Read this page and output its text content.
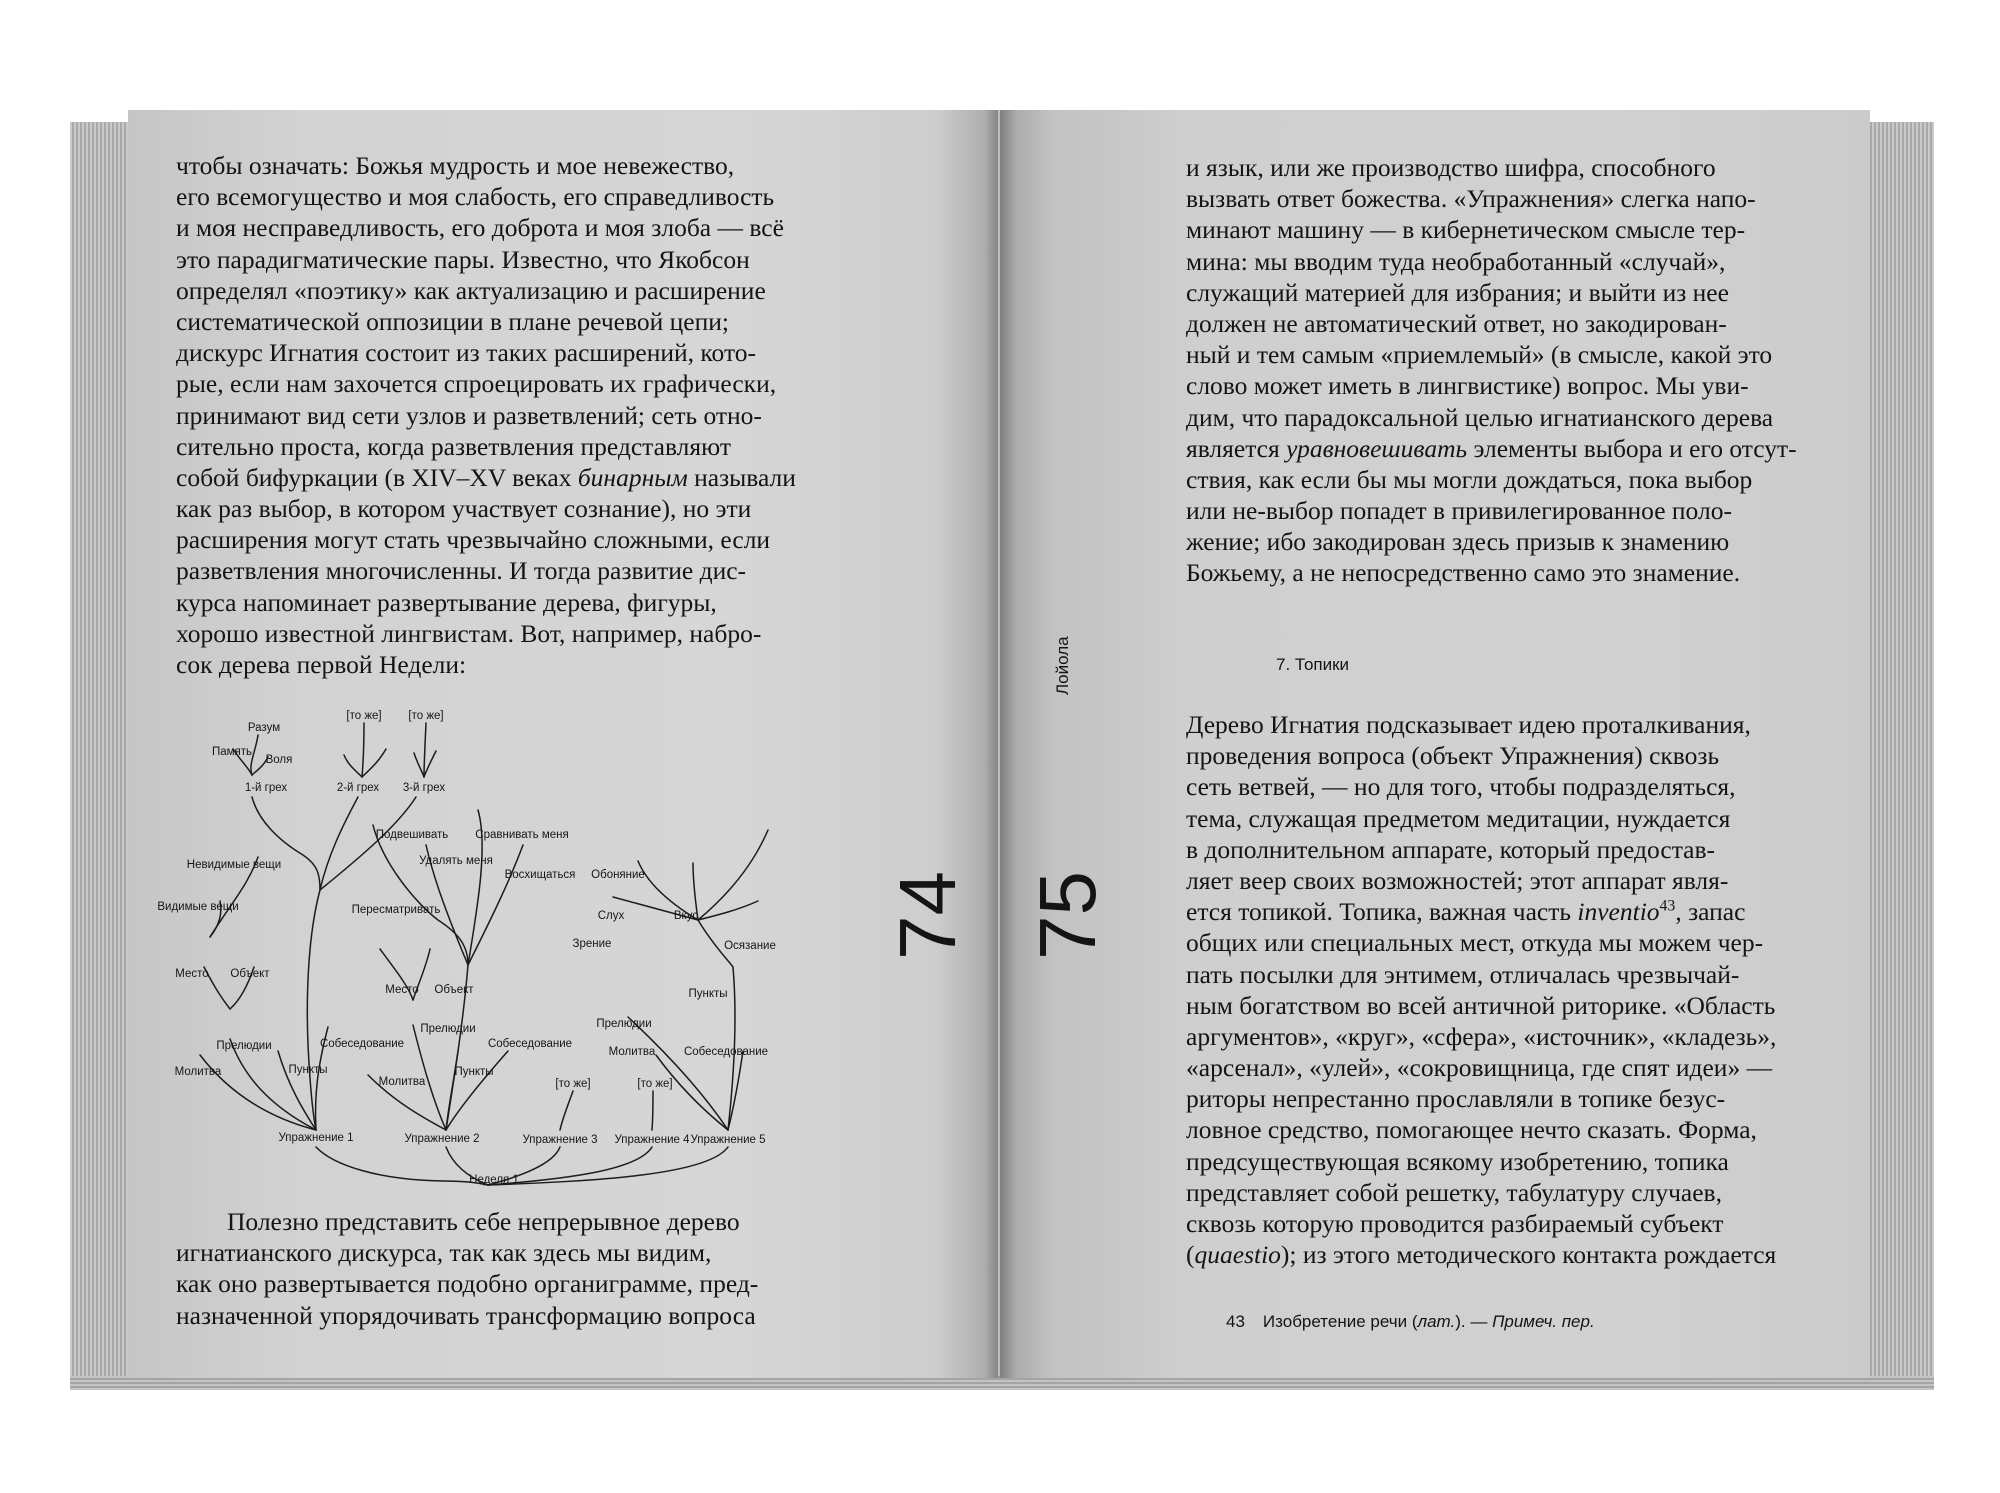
чтобы означать: Божья мудрость и мое невежество,
его всемогущество и моя слабость, его справедливость
и моя несправедливость, его доброта и моя злоба — всё
это парадигматические пары. Известно, что Якобсон
определял «поэтику» как актуализацию и расширение
систематической оппозиции в плане речевой цепи;
дискурс Игнатия состоит из таких расширений, кото-
рые, если нам захочется спроецировать их графически,
принимают вид сети узлов и разветвлений; сеть отно-
сительно проста, когда разветвления представляют
собой бифуркации (в XIV–XV веках бинарным называли
как раз выбор, в котором участвует сознание), но эти
расширения могут стать чрезвычайно сложными, если
разветвления многочисленны. И тогда развитие дис-
курса напоминает развертывание дерева, фигуры,
хорошо известной лингвистам. Вот, например, набро-
сок дерева первой Недели:
Разум
Память
Воля
[то же] [то же]
1-й грех	2-й грех 3-й грех
Подвешивать Сравнивать меня
Удалять меня
Восхищаться Обоняние
Невидимые вещи
Видимые вещи	Пересматривать	Слух	Вкус
Зрение	Осязание
Место Объект
Место Объект	Пункты
Прелюдии	Прелюдии
Прелюдии	Собеседование	Собеседование
Собеседование
Молитва
Молитва	Пункты
Молитва
Пункты
[то же]	[то же]
Упражнение 1	Упражнение 2	Упражнение 3 Упражнение 4 Упражнение 5
Неделя 1
Полезно представить себе непрерывное дерево
игнатианского дискурса, так как здесь мы видим,
как оно развертывается подобно органиграмме, пред-
назначенной упорядочивать трансформацию вопроса
74 75
и язык, или же производство шифра, способного
вызвать ответ божества. «Упражнения» слегка напо-
минают машину — в кибернетическом смысле тер-
мина: мы вводим туда необработанный «случай»,
служащий материей для избрания; и выйти из нее
должен не автоматический ответ, но закодирован-
ный и тем самым «приемлемый» (в смысле, какой это
слово может иметь в лингвистике) вопрос. Мы уви-
дим, что парадоксальной целью игнатианского дерева
является уравновешивать элементы выбора и его отсут-
ствия, как если бы мы могли дождаться, пока выбор
или не-выбор попадет в привилегированное поло-
жение; ибо закодирован здесь призыв к знамению
Божьему, а не непосредственно само это знамение.
Лойола	7. Топики
Дерево Игнатия подсказывает идею проталкивания,
проведения вопроса (объект Упражнения) сквозь
сеть ветвей, — но для того, чтобы подразделяться,
тема, служащая предметом медитации, нуждается
в дополнительном аппарате, который предостав-
ляет веер своих возможностей; этот аппарат явля-
ется топикой. Топика, важная часть inventio$^{43}$, запас
общих или специальных мест, откуда мы можем чер-
пать посылки для энтимем, отличалась чрезвычай-
ным богатством во всей античной риторике. «Область
аргументов», «круг», «сфера», «источник», «кладезь»,
«арсенал», «улей», «сокровищница, где спят идеи» —
риторы непрестанно прославляли в топике безус-
ловное средство, помогающее нечто сказать. Форма,
предсуществующая всякому изобретению, топика
представляет собой решетку, табулатуру случаев,
сквозь которую проводится разбираемый субъект
(quaestio); из этого методического контакта рождается
43 Изобретение речи (лат.). — Примеч. пер.
